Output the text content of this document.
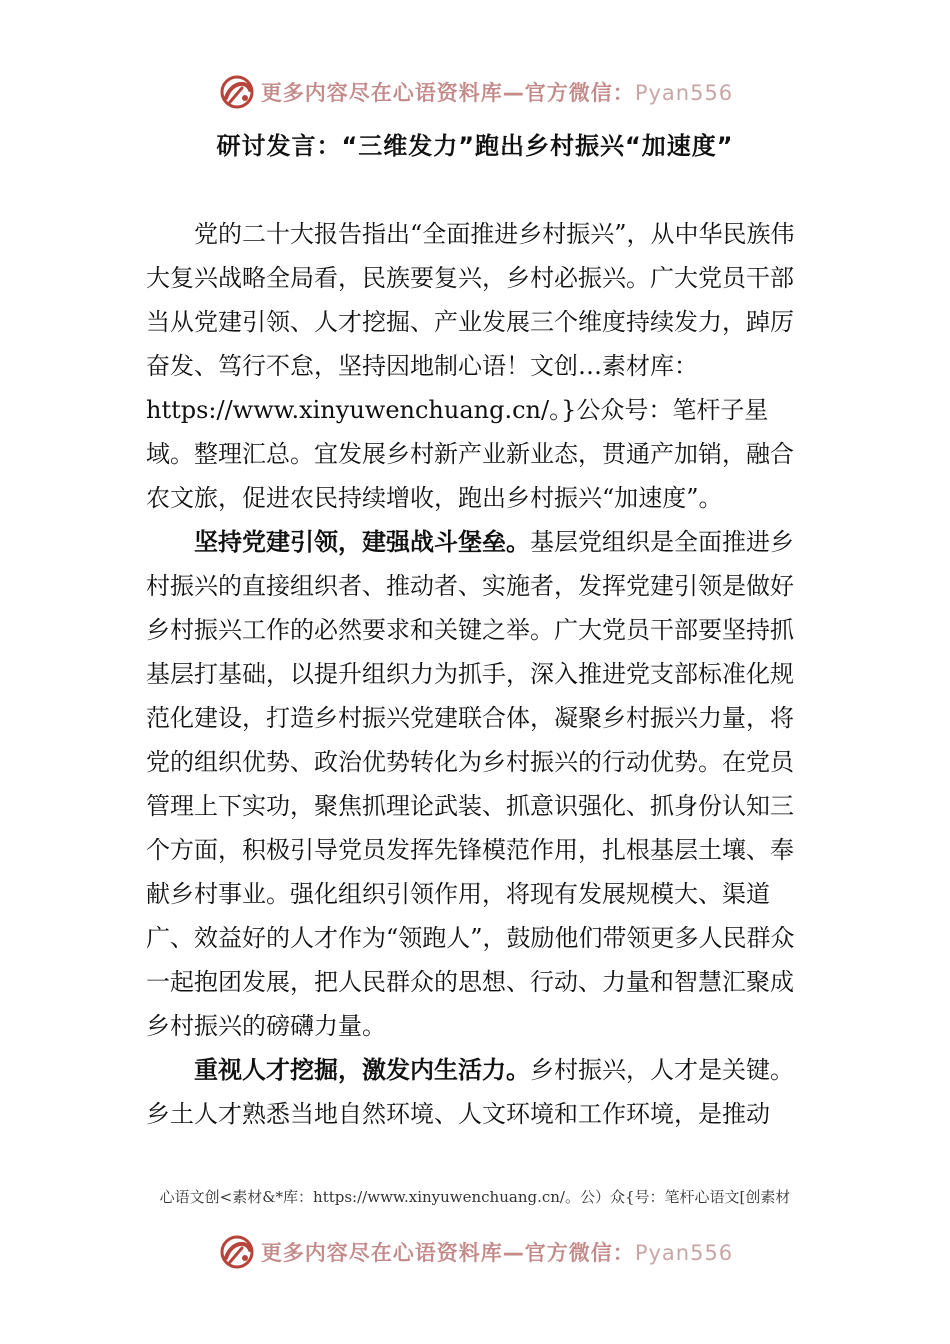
更多内容尽在心语资料库—官方微信：Pyan556
研讨发言：“三维发力”跑出乡村振兴“加速度”

党的二十大报告指出“全面推进乡村振兴”，从中华民族伟大复兴战略全局看，民族要复兴，乡村必振兴。广大党员干部当从党建引领、人才挖掘、产业发展三个维度持续发力，踔厉奋发、笃行不怠，坚持因地制心语！文创…素材库：https://www.xinyuwenchuang.cn/。}公众号：笔杆子星域。整理汇总。宜发展乡村新产业新业态，贯通产加销，融合农文旅，促进农民持续增收，跑出乡村振兴“加速度”。

坚持党建引领，建强战斗堡垒。基层党组织是全面推进乡村振兴的直接组织者、推动者、实施者，发挥党建引领是做好乡村振兴工作的必然要求和关键之举。广大党员干部要坚持抓基层打基础，以提升组织力为抓手，深入推进党支部标准化规范化建设，打造乡村振兴党建联合体，凝聚乡村振兴力量，将党的组织优势、政治优势转化为乡村振兴的行动优势。在党员管理上下实功，聚焦抓理论武装、抓意识强化、抓身份认知三个方面，积极引导党员发挥先锋模范作用，扎根基层土壤、奉献乡村事业。强化组织引领作用，将现有发展规模大、渠道广、效益好的人才作为“领跑人”，鼓励他们带领更多人民群众一起抱团发展，把人民群众的思想、行动、力量和智慧汇聚成乡村振兴的磅礴力量。

重视人才挖掘，激发内生活力。乡村振兴，人才是关键。乡土人才熟悉当地自然环境、人文环境和工作环境，是推动

心语文创<素材&*库：https://www.xinyuwenchuang.cn/。公）众{号：笔杆心语文[创素材
更多内容尽在心语资料库—官方微信：Pyan556
